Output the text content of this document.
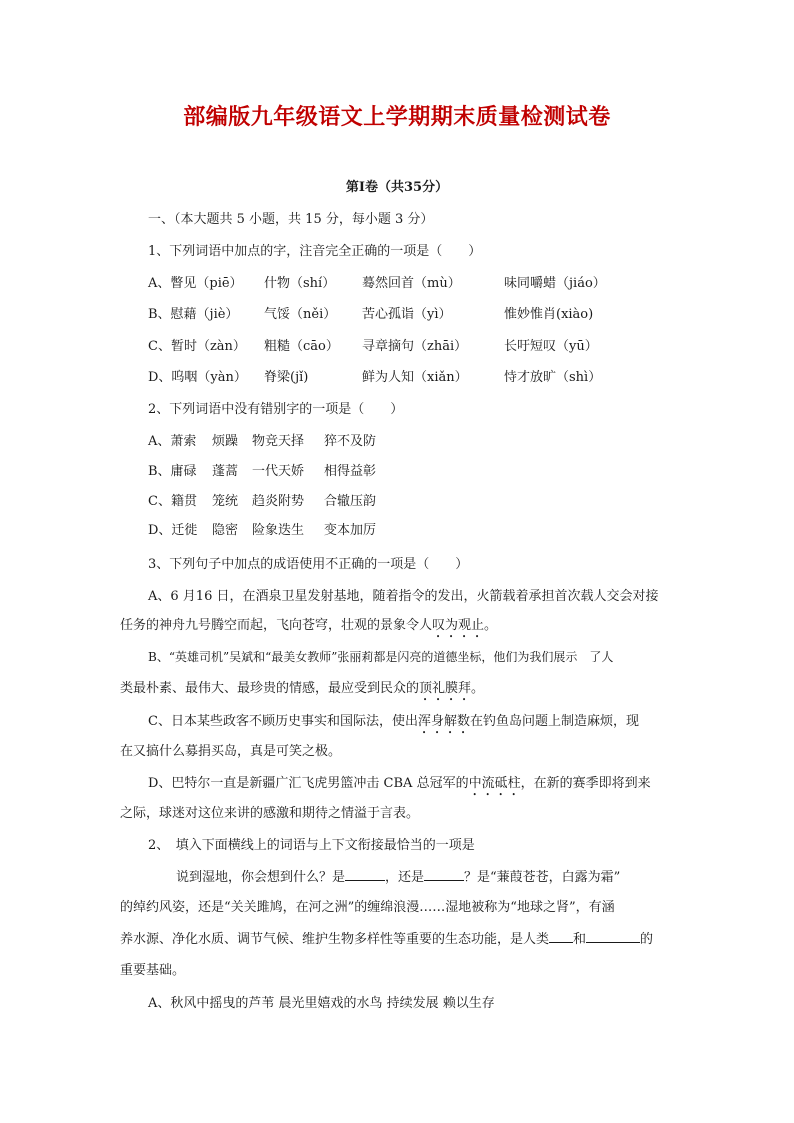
部编版九年级语文上学期期末质量检测试卷
第Ⅰ卷（共35分）
一、（本大题共 5 小题，共 15 分，每小题 3 分）
1、下列词语中加点的字，注音完全正确的一项是（　　）
A、瞥见（piē） 什物（shí） 蓦然回首（mù）	味同嚼蜡（jiáo）
B、慰藉（jiè） 气馁（něi） 苦心孤诣（yì）	惟妙惟肖(xiào)
C、暂时（zàn） 粗糙（cāo） 寻章摘句（zhāi）	长吁短叹（yū）
D、呜咽（yàn） 脊梁(jǐ)	鲜为人知（xiǎn）	恃才放旷（shì）
2、下列词语中没有错别字的一项是（　　）
A、萧索 烦躁 物竞天择 猝不及防
B、庸碌 蓬蒿 一代天娇 相得益彰
C、籍贯 笼统 趋炎附势 合辙压韵
D、迁徙 隐密 险象迭生 变本加厉
3、下列句子中加点的成语使用不正确的一项是（　　）
A、6 月16 日，在酒泉卫星发射基地，随着指令的发出，火箭载着承担首次载人交会对接
任务的神舟九号腾空而起，飞向苍穹，壮观的景象令人叹为观止。
B、“英雄司机”吴斌和“最美女教师”张丽莉都是闪亮的道德坐标，他们为我们展示　了人
类最朴素、最伟大、最珍贵的情感，最应受到民众的顶礼膜拜。
C、日本某些政客不顾历史事实和国际法，使出浑身解数在钓鱼岛问题上制造麻烦，现
在又搞什么募捐买岛，真是可笑之极。
D、巴特尔一直是新疆广汇飞虎男篮冲击 CBA 总冠军的中流砥柱，在新的赛季即将到来
之际，球迷对这位来讲的感激和期待之情溢于言表。
2、　填入下面横线上的词语与上下文衔接最恰当的一项是
说到湿地，你会想到什么？是	，还是	？是“蒹葭苍苍，白露为霜”
的绰约风姿，还是“关关雎鸠，在河之洲”的缠绵浪漫……湿地被称为“地球之肾”，有涵
养水源、净化水质、调节气候、维护生物多样性等重要的生态功能，是人类 和	的
重要基础。
A、秋风中摇曳的芦苇 晨光里嬉戏的水鸟 持续发展 赖以生存
